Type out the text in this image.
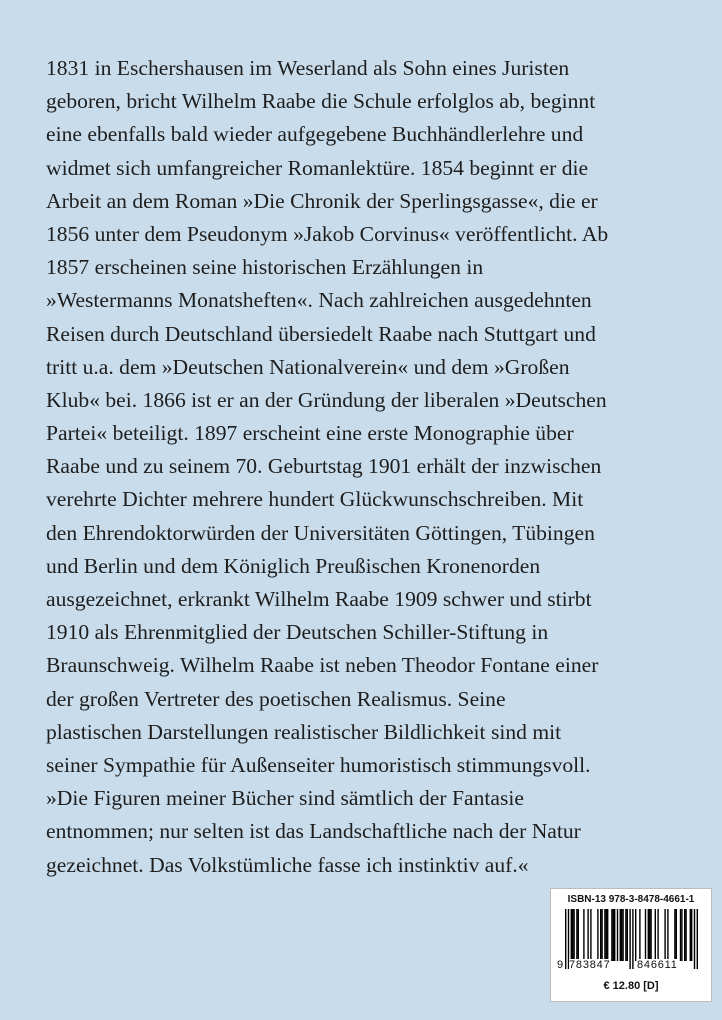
1831 in Eschershausen im Weserland als Sohn eines Juristen
geboren, bricht Wilhelm Raabe die Schule erfolglos ab, beginnt
eine ebenfalls bald wieder aufgegebene Buchhändlerlehre und
widmet sich umfangreicher Romanlektüre. 1854 beginnt er die
Arbeit an dem Roman »Die Chronik der Sperlingsgasse«, die er
1856 unter dem Pseudonym »Jakob Corvinus« veröffentlicht. Ab
1857 erscheinen seine historischen Erzählungen in
»Westermanns Monatsheften«. Nach zahlreichen ausgedehnten
Reisen durch Deutschland übersiedelt Raabe nach Stuttgart und
tritt u.a. dem »Deutschen Nationalverein« und dem »Großen
Klub« bei. 1866 ist er an der Gründung der liberalen »Deutschen
Partei« beteiligt. 1897 erscheint eine erste Monographie über
Raabe und zu seinem 70. Geburtstag 1901 erhält der inzwischen
verehrte Dichter mehrere hundert Glückwunschschreiben. Mit
den Ehrendoktorwürden der Universitäten Göttingen, Tübingen
und Berlin und dem Königlich Preußischen Kronenorden
ausgezeichnet, erkrankt Wilhelm Raabe 1909 schwer und stirbt
1910 als Ehrenmitglied der Deutschen Schiller-Stiftung in
Braunschweig. Wilhelm Raabe ist neben Theodor Fontane einer
der großen Vertreter des poetischen Realismus. Seine
plastischen Darstellungen realistischer Bildlichkeit sind mit
seiner Sympathie für Außenseiter humoristisch stimmungsvoll.
»Die Figuren meiner Bücher sind sämtlich der Fantasie
entnommen; nur selten ist das Landschaftliche nach der Natur
gezeichnet. Das Volkstümliche fasse ich instinktiv auf.«
ISBN-13 978-3-8478-4661-1
9 783847 846611
€ 12.80 [D]
